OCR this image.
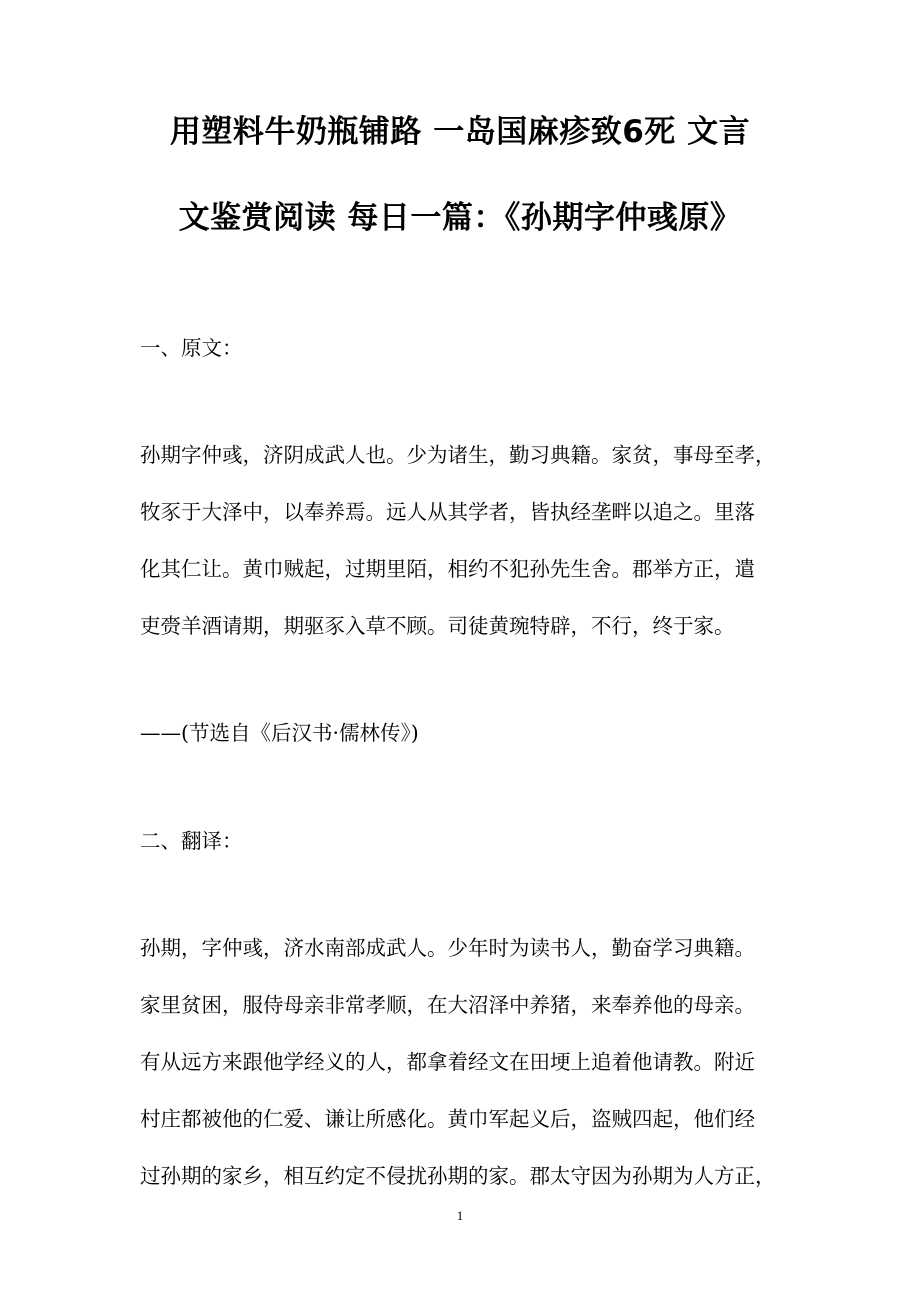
用塑料牛奶瓶铺路 一岛国麻疹致6死 文言
文鉴赏阅读 每日一篇：《孙期字仲彧原》
一、原文：
孙期字仲彧，济阴成武人也。少为诸生，勤习典籍。家贫，事母至孝，
牧豕于大泽中，以奉养焉。远人从其学者，皆执经垄畔以追之。里落
化其仁让。黄巾贼起，过期里陌，相约不犯孙先生舍。郡举方正，遣
吏赍羊酒请期，期驱豕入草不顾。司徒黄琬特辟，不行，终于家。
——(节选自《后汉书·儒林传》)
二、翻译：
孙期，字仲彧，济水南部成武人。少年时为读书人，勤奋学习典籍。
家里贫困，服侍母亲非常孝顺，在大沼泽中养猪，来奉养他的母亲。
有从远方来跟他学经义的人，都拿着经文在田埂上追着他请教。附近
村庄都被他的仁爱、谦让所感化。黄巾军起义后，盗贼四起，他们经
过孙期的家乡，相互约定不侵扰孙期的家。郡太守因为孙期为人方正，
1
